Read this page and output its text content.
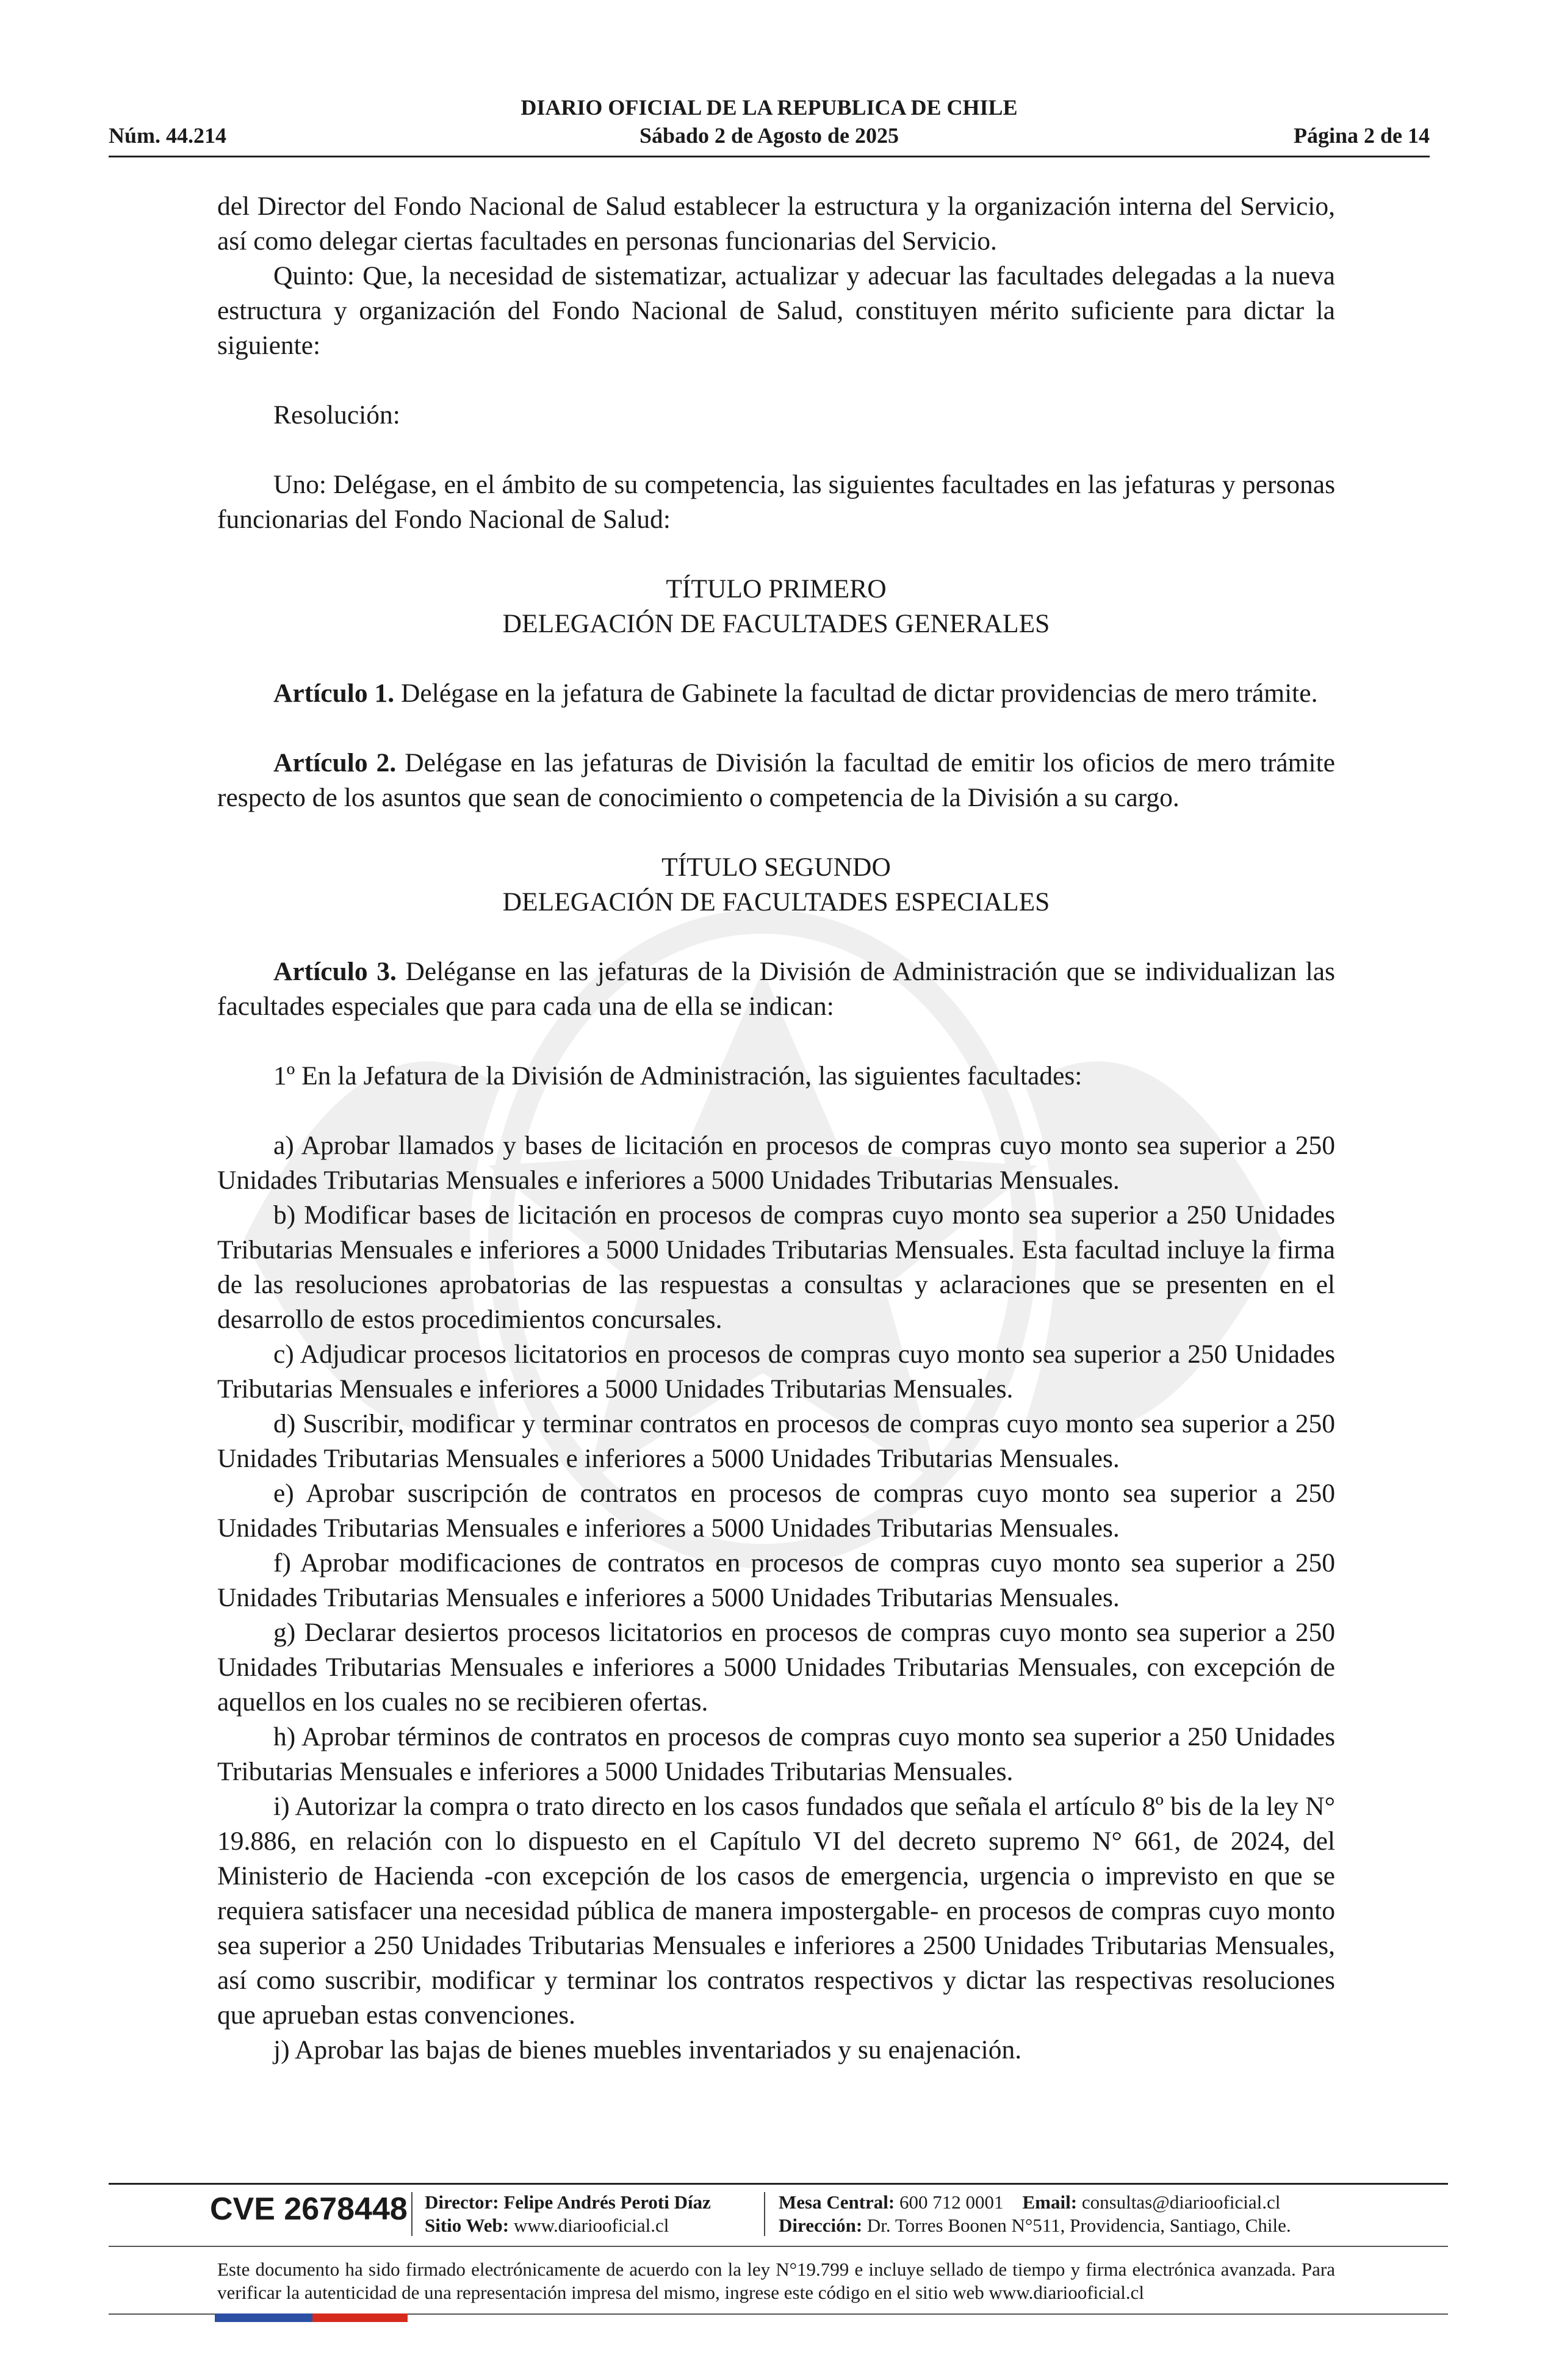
DIARIO OFICIAL DE LA REPUBLICA DE CHILE
Núm. 44.214	Sábado 2 de Agosto de 2025	Página 2 de 14

del Director del Fondo Nacional de Salud establecer la estructura y la organización interna del Servicio, así como delegar ciertas facultades en personas funcionarias del Servicio.

Quinto: Que, la necesidad de sistematizar, actualizar y adecuar las facultades delegadas a la nueva estructura y organización del Fondo Nacional de Salud, constituyen mérito suficiente para dictar la siguiente:

Resolución:

Uno: Delégase, en el ámbito de su competencia, las siguientes facultades en las jefaturas y personas funcionarias del Fondo Nacional de Salud:

TÍTULO PRIMERO

DELEGACIÓN DE FACULTADES GENERALES

Artículo 1. Delégase en la jefatura de Gabinete la facultad de dictar providencias de mero trámite.

Artículo 2. Delégase en las jefaturas de División la facultad de emitir los oficios de mero trámite respecto de los asuntos que sean de conocimiento o competencia de la División a su cargo.

TÍTULO SEGUNDO

DELEGACIÓN DE FACULTADES ESPECIALES

Artículo 3. Deléganse en las jefaturas de la División de Administración que se individualizan las facultades especiales que para cada una de ella se indican:

1º En la Jefatura de la División de Administración, las siguientes facultades:

a) Aprobar llamados y bases de licitación en procesos de compras cuyo monto sea superior a 250 Unidades Tributarias Mensuales e inferiores a 5000 Unidades Tributarias Mensuales.

b) Modificar bases de licitación en procesos de compras cuyo monto sea superior a 250 Unidades Tributarias Mensuales e inferiores a 5000 Unidades Tributarias Mensuales. Esta facultad incluye la firma de las resoluciones aprobatorias de las respuestas a consultas y aclaraciones que se presenten en el desarrollo de estos procedimientos concursales.

c) Adjudicar procesos licitatorios en procesos de compras cuyo monto sea superior a 250 Unidades Tributarias Mensuales e inferiores a 5000 Unidades Tributarias Mensuales.

d) Suscribir, modificar y terminar contratos en procesos de compras cuyo monto sea superior a 250 Unidades Tributarias Mensuales e inferiores a 5000 Unidades Tributarias Mensuales.

e) Aprobar suscripción de contratos en procesos de compras cuyo monto sea superior a 250 Unidades Tributarias Mensuales e inferiores a 5000 Unidades Tributarias Mensuales.

f) Aprobar modificaciones de contratos en procesos de compras cuyo monto sea superior a 250 Unidades Tributarias Mensuales e inferiores a 5000 Unidades Tributarias Mensuales.

g) Declarar desiertos procesos licitatorios en procesos de compras cuyo monto sea superior a 250 Unidades Tributarias Mensuales e inferiores a 5000 Unidades Tributarias Mensuales, con excepción de aquellos en los cuales no se recibieren ofertas.

h) Aprobar términos de contratos en procesos de compras cuyo monto sea superior a 250 Unidades Tributarias Mensuales e inferiores a 5000 Unidades Tributarias Mensuales.

i) Autorizar la compra o trato directo en los casos fundados que señala el artículo 8º bis de la ley N° 19.886, en relación con lo dispuesto en el Capítulo VI del decreto supremo N° 661, de 2024, del Ministerio de Hacienda -con excepción de los casos de emergencia, urgencia o imprevisto en que se requiera satisfacer una necesidad pública de manera impostergable- en procesos de compras cuyo monto sea superior a 250 Unidades Tributarias Mensuales e inferiores a 2500 Unidades Tributarias Mensuales, así como suscribir, modificar y terminar los contratos respectivos y dictar las respectivas resoluciones que aprueban estas convenciones.

j) Aprobar las bajas de bienes muebles inventariados y su enajenación.

CVE 2678448 Director: Felipe Andrés Peroti Díaz
Sitio Web: www.diariooficial.cl
Mesa Central: 600 712 0001 Email: consultas@diariooficial.cl
Dirección: Dr. Torres Boonen N°511, Providencia, Santiago, Chile.
Este documento ha sido firmado electrónicamente de acuerdo con la ley N°19.799 e incluye sellado de tiempo y firma electrónica avanzada. Para verificar la autenticidad de una representación impresa del mismo, ingrese este código en el sitio web www.diariooficial.cl
